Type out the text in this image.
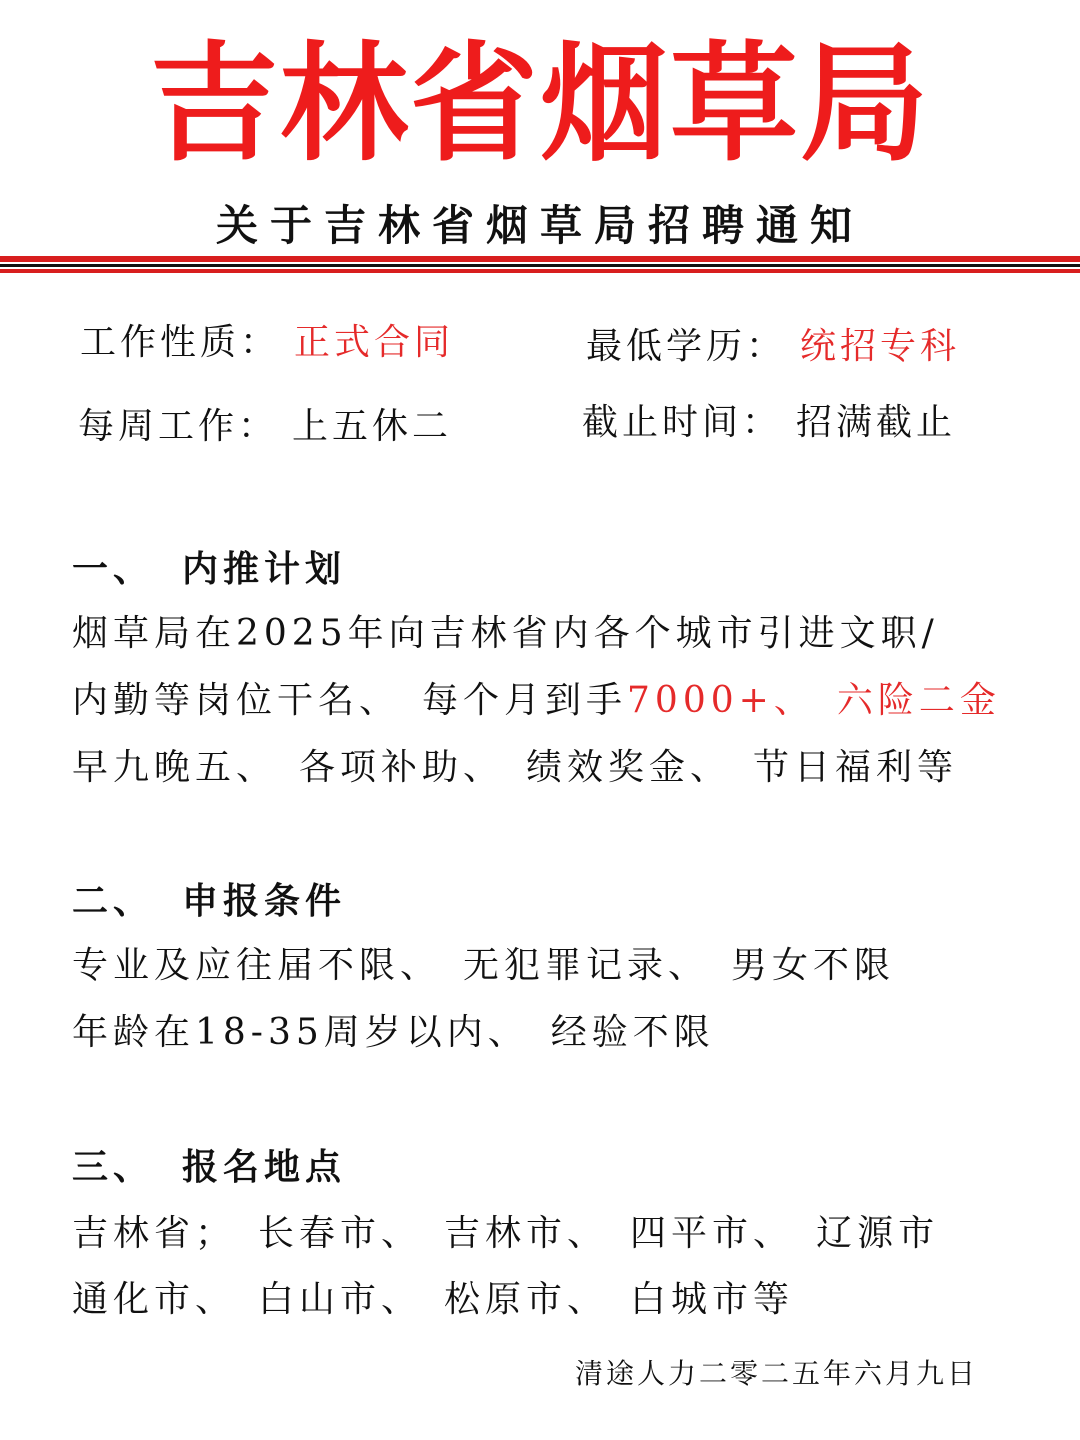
吉林省烟草局
关于吉林省烟草局招聘通知
工作性质： 正式合同	最低学历： 统招专科
每周工作： 上五休二	截止时间： 招满截止
一、 内推计划
烟草局在2025年向吉林省内各个城市引进文职/
内勤等岗位干名、 每个月到手7000+、 六险二金
早九晚五、 各项补助、 绩效奖金、 节日福利等
二、 申报条件
专业及应往届不限、 无犯罪记录、 男女不限
年龄在18-35周岁以内、 经验不限
三、 报名地点
吉林省； 长春市、 吉林市、 四平市、 辽源市
通化市、 白山市、 松原市、 白城市等
清途人力二零二五年六月九日
